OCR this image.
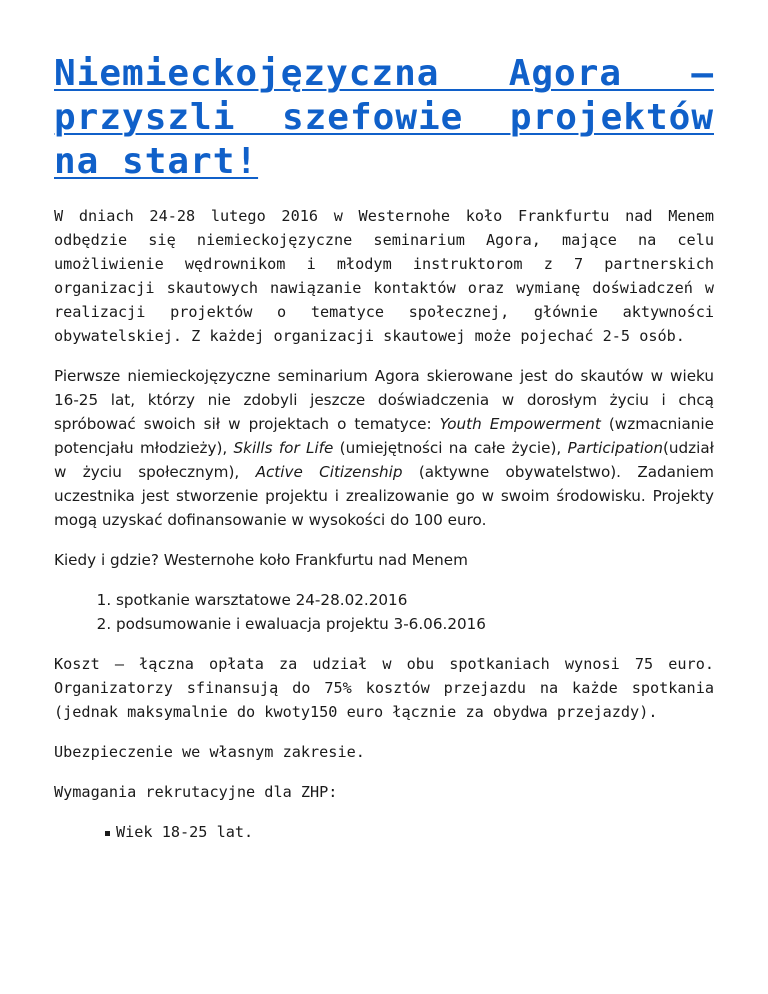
Niemieckojęzyczna Agora – przyszli szefowie projektów na start!

W dniach 24-28 lutego 2016 w Westernohe koło Frankfurtu nad Menem odbędzie się niemieckojęzyczne seminarium Agora, mające na celu umożliwienie wędrownikom i młodym instruktorom z 7 partnerskich organizacji skautowych nawiązanie kontaktów oraz wymianę doświadczeń w realizacji projektów o tematyce społecznej, głównie aktywności obywatelskiej. Z każdej organizacji skautowej może pojechać 2-5 osób.

Pierwsze niemieckojęzyczne seminarium Agora skierowane jest do skautów w wieku 16-25 lat, którzy nie zdobyli jeszcze doświadczenia w dorosłym życiu i chcą spróbować swoich sił w projektach o tematyce: Youth Empowerment (wzmacnianie potencjału młodzieży), Skills for Life (umiejętności na całe życie), Participation(udział w życiu społecznym), Active Citizenship (aktywne obywatelstwo). Zadaniem uczestnika jest stworzenie projektu i zrealizowanie go w swoim środowisku. Projekty mogą uzyskać dofinansowanie w wysokości do 100 euro.

Kiedy i gdzie? Westernohe koło Frankfurtu nad Menem

1. spotkanie warsztatowe 24-28.02.2016
2. podsumowanie i ewaluacja projektu 3-6.06.2016

Koszt – łączna opłata za udział w obu spotkaniach wynosi 75 euro. Organizatorzy sfinansują do 75% kosztów przejazdu na każde spotkania (jednak maksymalnie do kwoty150 euro łącznie za obydwa przejazdy).

Ubezpieczenie we własnym zakresie.

Wymagania rekrutacyjne dla ZHP:

Wiek 18-25 lat.
